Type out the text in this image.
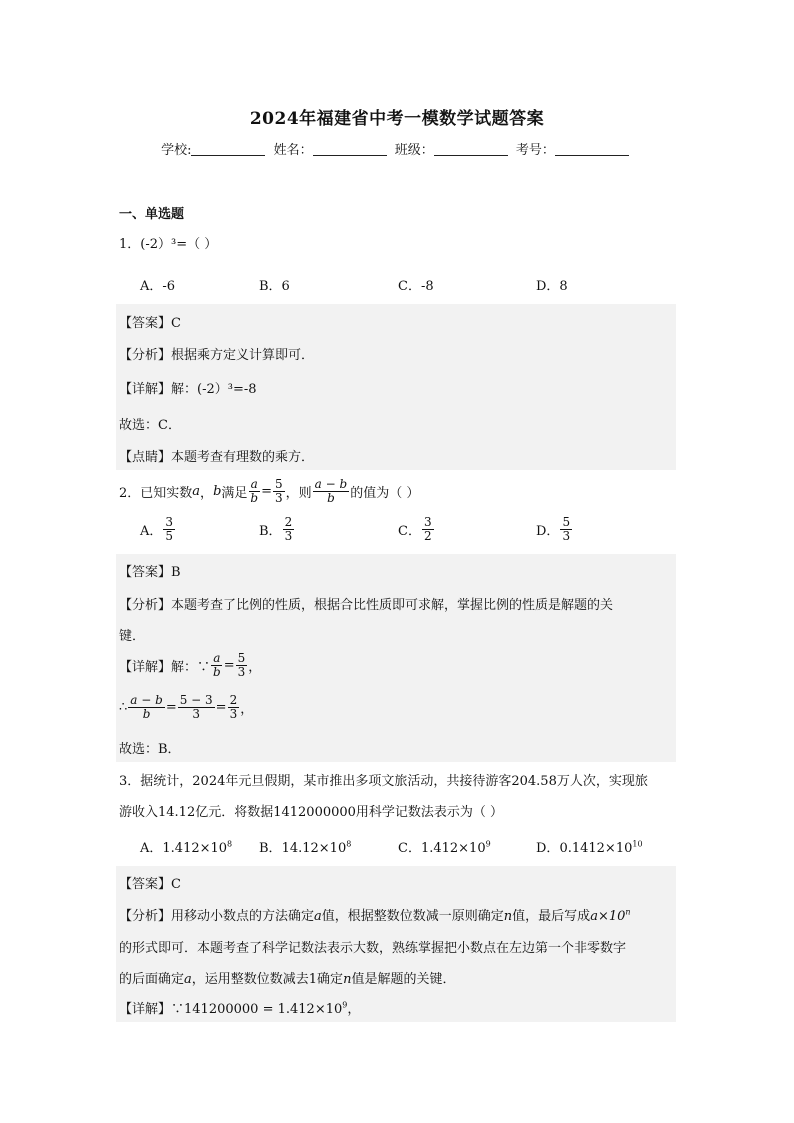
2024年福建省中考一模数学试题答案
学校:	姓名：	班级：	考号：
一、单选题
1．(-2）³=（ ）
A．-6	B．6	C．-8	D．8
【答案】C
【分析】根据乘方定义计算即可．
【详解】解：(-2）³=-8
故选：C．
【点睛】本题考查有理数的乘方．
2．已知实数 a ， b 满足 $\frac{a}{b} = \frac{5}{3}$ ，则 $\frac{a - b}{b}$ 的值为（ ）
A． $\frac{3}{5}$	B． $\frac{2}{3}$	C． $\frac{3}{2}$	D． $\frac{5}{3}$
【答案】B
【分析】本题考查了比例的性质，根据合比性质即可求解，掌握比例的性质是解题的关
键．
【详解】解：∵ $\frac{a}{b} = \frac{5}{3}$ ，
∴ $\frac{a - b}{b} = \frac{5 - 3}{3} = \frac{2}{3}$ ，
故选：B．
3．据统计，2024年元旦假期，某市推出多项文旅活动，共接待游客204.58万人次，实现旅
游收入14.12亿元．将数据1412000000用科学记数法表示为（ ）
A．$1.412\times 10^8$ B．$14.12\times 10^8$	C．$1.412\times 10^9$	D．$0.1412\times 10^{10}$
【答案】C
【分析】用移动小数点的方法确定a值，根据整数位数减一原则确定n值，最后写成$a\times 10^n$
的形式即可．本题考查了科学记数法表示大数，熟练掌握把小数点在左边第一个非零数字
的后面确定a，运用整数位数减去1确定n值是解题的关键．
【详解】∵141200000 = $1.412\times 10^9$，
